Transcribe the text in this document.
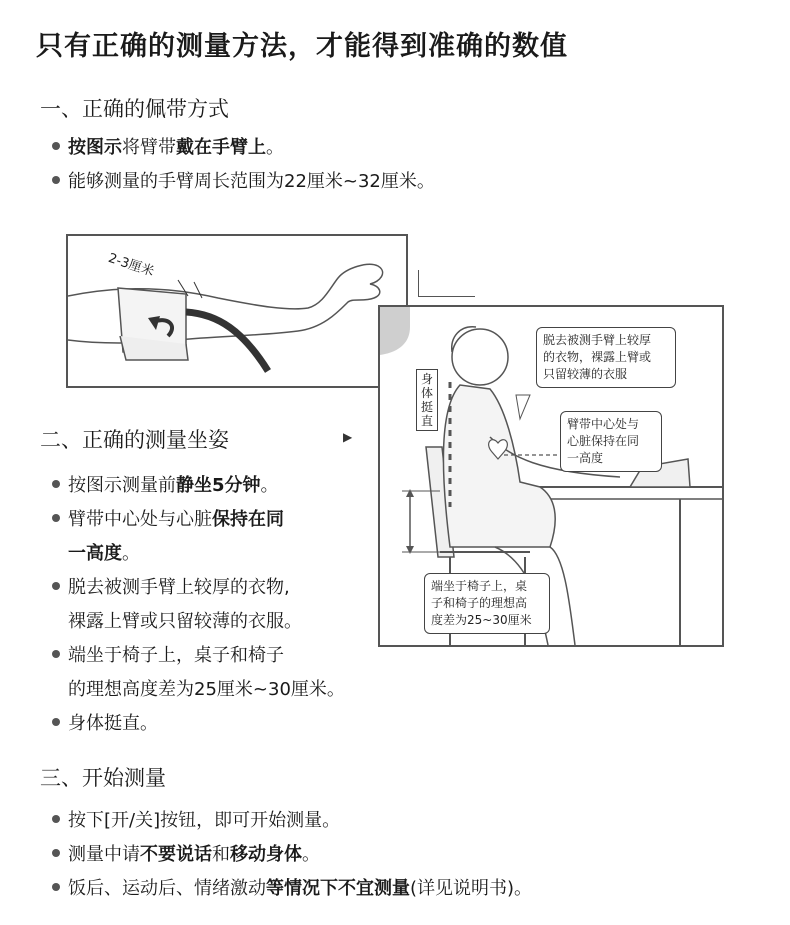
只有正确的测量方法，才能得到准确的数值
一、正确的佩带方式
按图示将臂带戴在手臂上。
能够测量的手臂周长范围为22厘米~32厘米。
2-3厘米
二、正确的测量坐姿	▶
按图示测量前静坐5分钟。
臂带中心处与心脏保持在同
一高度。
脱去被测手臂上较厚的衣物,
裸露上臂或只留较薄的衣服。
端坐于椅子上，桌子和椅子
的理想高度差为25厘米~30厘米。
身体挺直。
脱去被测手臂上较厚
的衣物，裸露上臂或
只留较薄的衣服
臂带中心处与
心脏保持在同
一高度
端坐于椅子上，桌
子和椅子的理想高
度差为25~30厘米
身
体
挺
直
三、开始测量
按下[开/关]按钮，即可开始测量。
测量中请不要说话和移动身体。
饭后、运动后、情绪激动等情况下不宜测量(详见说明书)。
